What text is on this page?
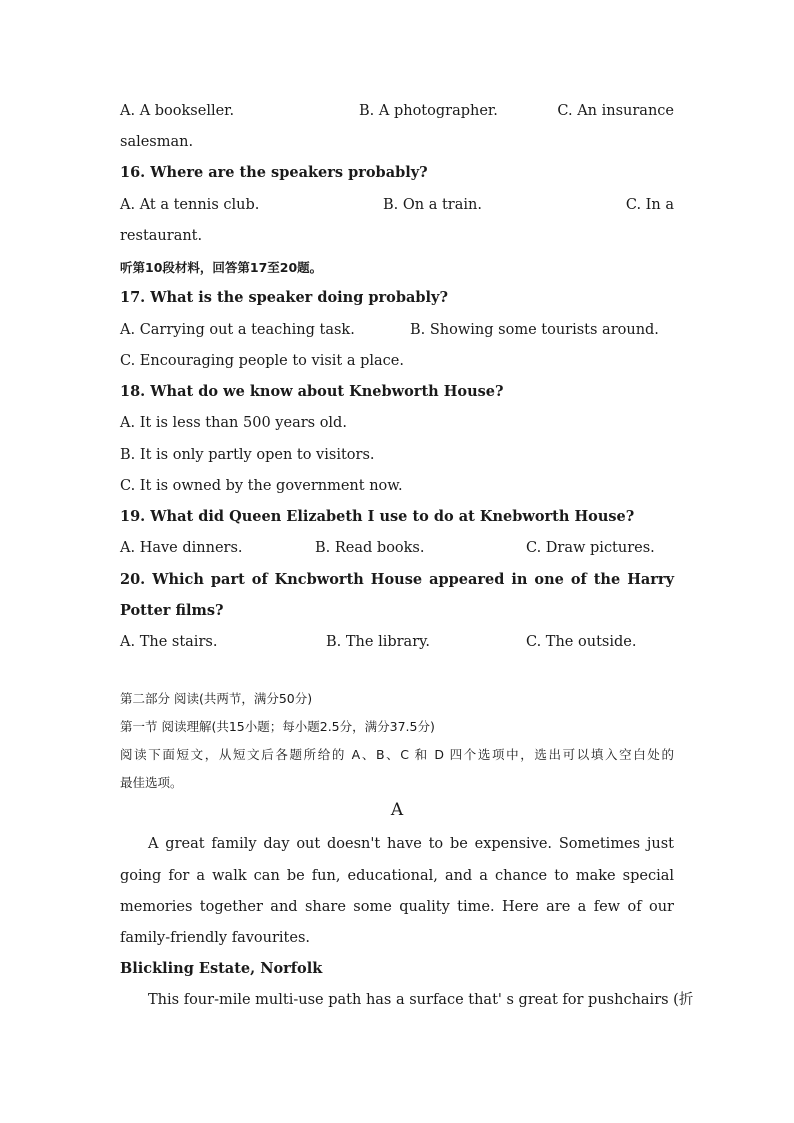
A. A bookseller.	B. A photographer.	C. An insurance
salesman.
16. Where are the speakers probably?
A. At a tennis club.	B. On a train.	C. In a
restaurant.
听第10段材料，回答第17至20题。
17. What is the speaker doing probably?
A. Carrying out a teaching task.	B. Showing some tourists around.
C. Encouraging people to visit a place.
18. What do we know about Knebworth House?
A. It is less than 500 years old.
B. It is only partly open to visitors.
C. It is owned by the government now.
19. What did Queen Elizabeth I use to do at Knebworth House?
A. Have dinners.	B. Read books.	C. Draw pictures.
20. Which part of Kncbworth House appeared in one of the Harry
Potter films?
A. The stairs.	B. The library.	C. The outside.
第二部分 阅读(共两节，满分50分)
第一节 阅读理解(共15小题；每小题2.5分，满分37.5分)
阅读下面短文，从短文后各题所给的 A、B、C 和 D 四个选项中，选出可以填入空白处的
最佳选项。
A
A great family day out doesn't have to be expensive. Sometimes just
going for a walk can be fun, educational, and a chance to make special
memories together and share some quality time. Here are a few of our
family-friendly favourites.
Blickling Estate, Norfolk
This four-mile multi-use path has a surface that' s great for pushchairs (折
